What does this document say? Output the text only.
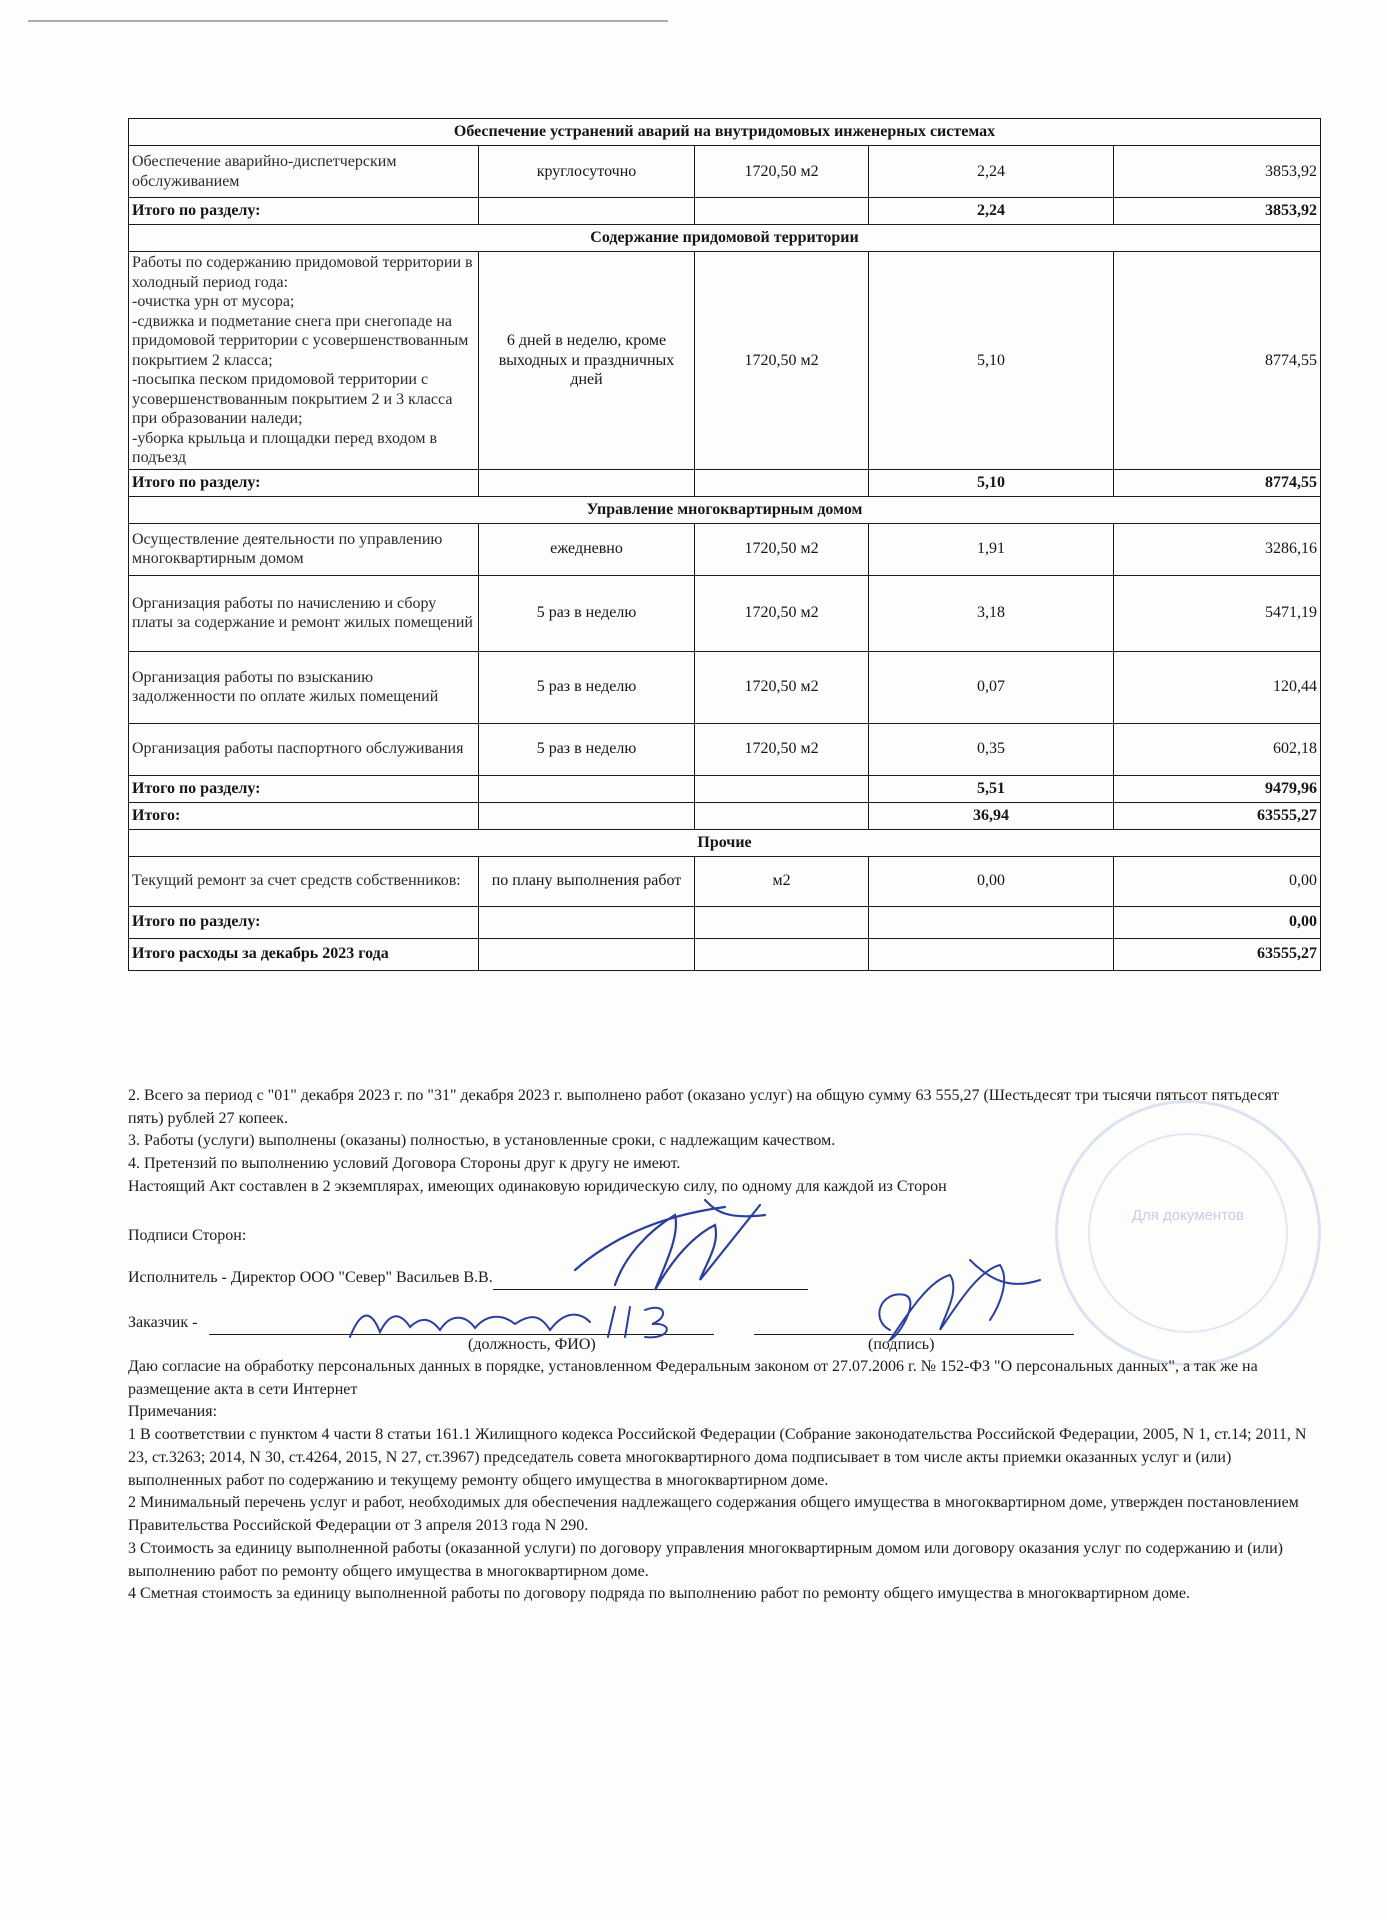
Обеспечение устранений аварий на внутридомовых инженерных системах				
Обеспечение аварийно-диспетчерским обслуживанием	круглосуточно	1720,50 м2	2,24	3853,92
Итого по разделу:			2,24	3853,92
Содержание придомовой территории				
Работы по содержанию придомовой территории в холодный период года:
-очистка урн от мусора;
-сдвижка и подметание снега при снегопаде на придомовой территории с усовершенствованным покрытием 2 класса;
-посыпка песком придомовой территории с усовершенствованным покрытием 2 и 3 класса при образовании наледи;
-уборка крыльца и площадки перед входом в подъезд	6 дней в неделю, кроме выходных и праздничных дней	1720,50 м2	5,10	8774,55
Итого по разделу:			5,10	8774,55
Управление многоквартирным домом				
Осуществление деятельности по управлению многоквартирным домом	ежедневно	1720,50 м2	1,91	3286,16
Организация работы по начислению и сбору платы за содержание и ремонт жилых помещений	5 раз в неделю	1720,50 м2	3,18	5471,19
Организация работы по взысканию задолженности по оплате жилых помещений	5 раз в неделю	1720,50 м2	0,07	120,44
Организация работы паспортного обслуживания	5 раз в неделю	1720,50 м2	0,35	602,18
Итого по разделу:			5,51	9479,96
Итого:			36,94	63555,27
Прочие				
Текущий ремонт за счет средств собственников:	по плану выполнения работ	м2	0,00	0,00
Итого по разделу:				0,00
Итого расходы за декабрь 2023 года				63555,27
Для документов

2. Всего за период с "01" декабря 2023 г. по "31" декабря 2023 г. выполнено работ (оказано услуг) на общую сумму 63 555,27 (Шестьдесят три тысячи пятьсот пятьдесят пять) рублей 27 копеек.

3. Работы (услуги) выполнены (оказаны) полностью, в установленные сроки, с надлежащим качеством.

4. Претензий по выполнению условий Договора Стороны друг к другу не имеют.

Настоящий Акт составлен в 2 экземплярах, имеющих одинаковую юридическую силу, по одному для каждой из Сторон

Подписи Сторон:

Исполнитель - Директор ООО "Север" Васильев В.В.

Заказчик -
(должность, ФИО)	(подпись)

Даю согласие на обработку персональных данных в порядке, установленном Федеральным законом от 27.07.2006 г. № 152-ФЗ "О персональных данных", а так же на размещение акта в сети Интернет

Примечания:

1 В соответствии с пунктом 4 части 8 статьи 161.1 Жилищного кодекса Российской Федерации (Собрание законодательства Российской Федерации, 2005, N 1, ст.14; 2011, N 23, ст.3263; 2014, N 30, ст.4264, 2015, N 27, ст.3967) председатель совета многоквартирного дома подписывает в том числе акты приемки оказанных услуг и (или) выполненных работ по содержанию и текущему ремонту общего имущества в многоквартирном доме.

2 Минимальный перечень услуг и работ, необходимых для обеспечения надлежащего содержания общего имущества в многоквартирном доме, утвержден постановлением Правительства Российской Федерации от 3 апреля 2013 года N 290.

3 Стоимость за единицу выполненной работы (оказанной услуги) по договору управления многоквартирным домом или договору оказания услуг по содержанию и (или) выполнению работ по ремонту общего имущества в многоквартирном доме.

4 Сметная стоимость за единицу выполненной работы по договору подряда по выполнению работ по ремонту общего имущества в многоквартирном доме.

Косолапова И.В
